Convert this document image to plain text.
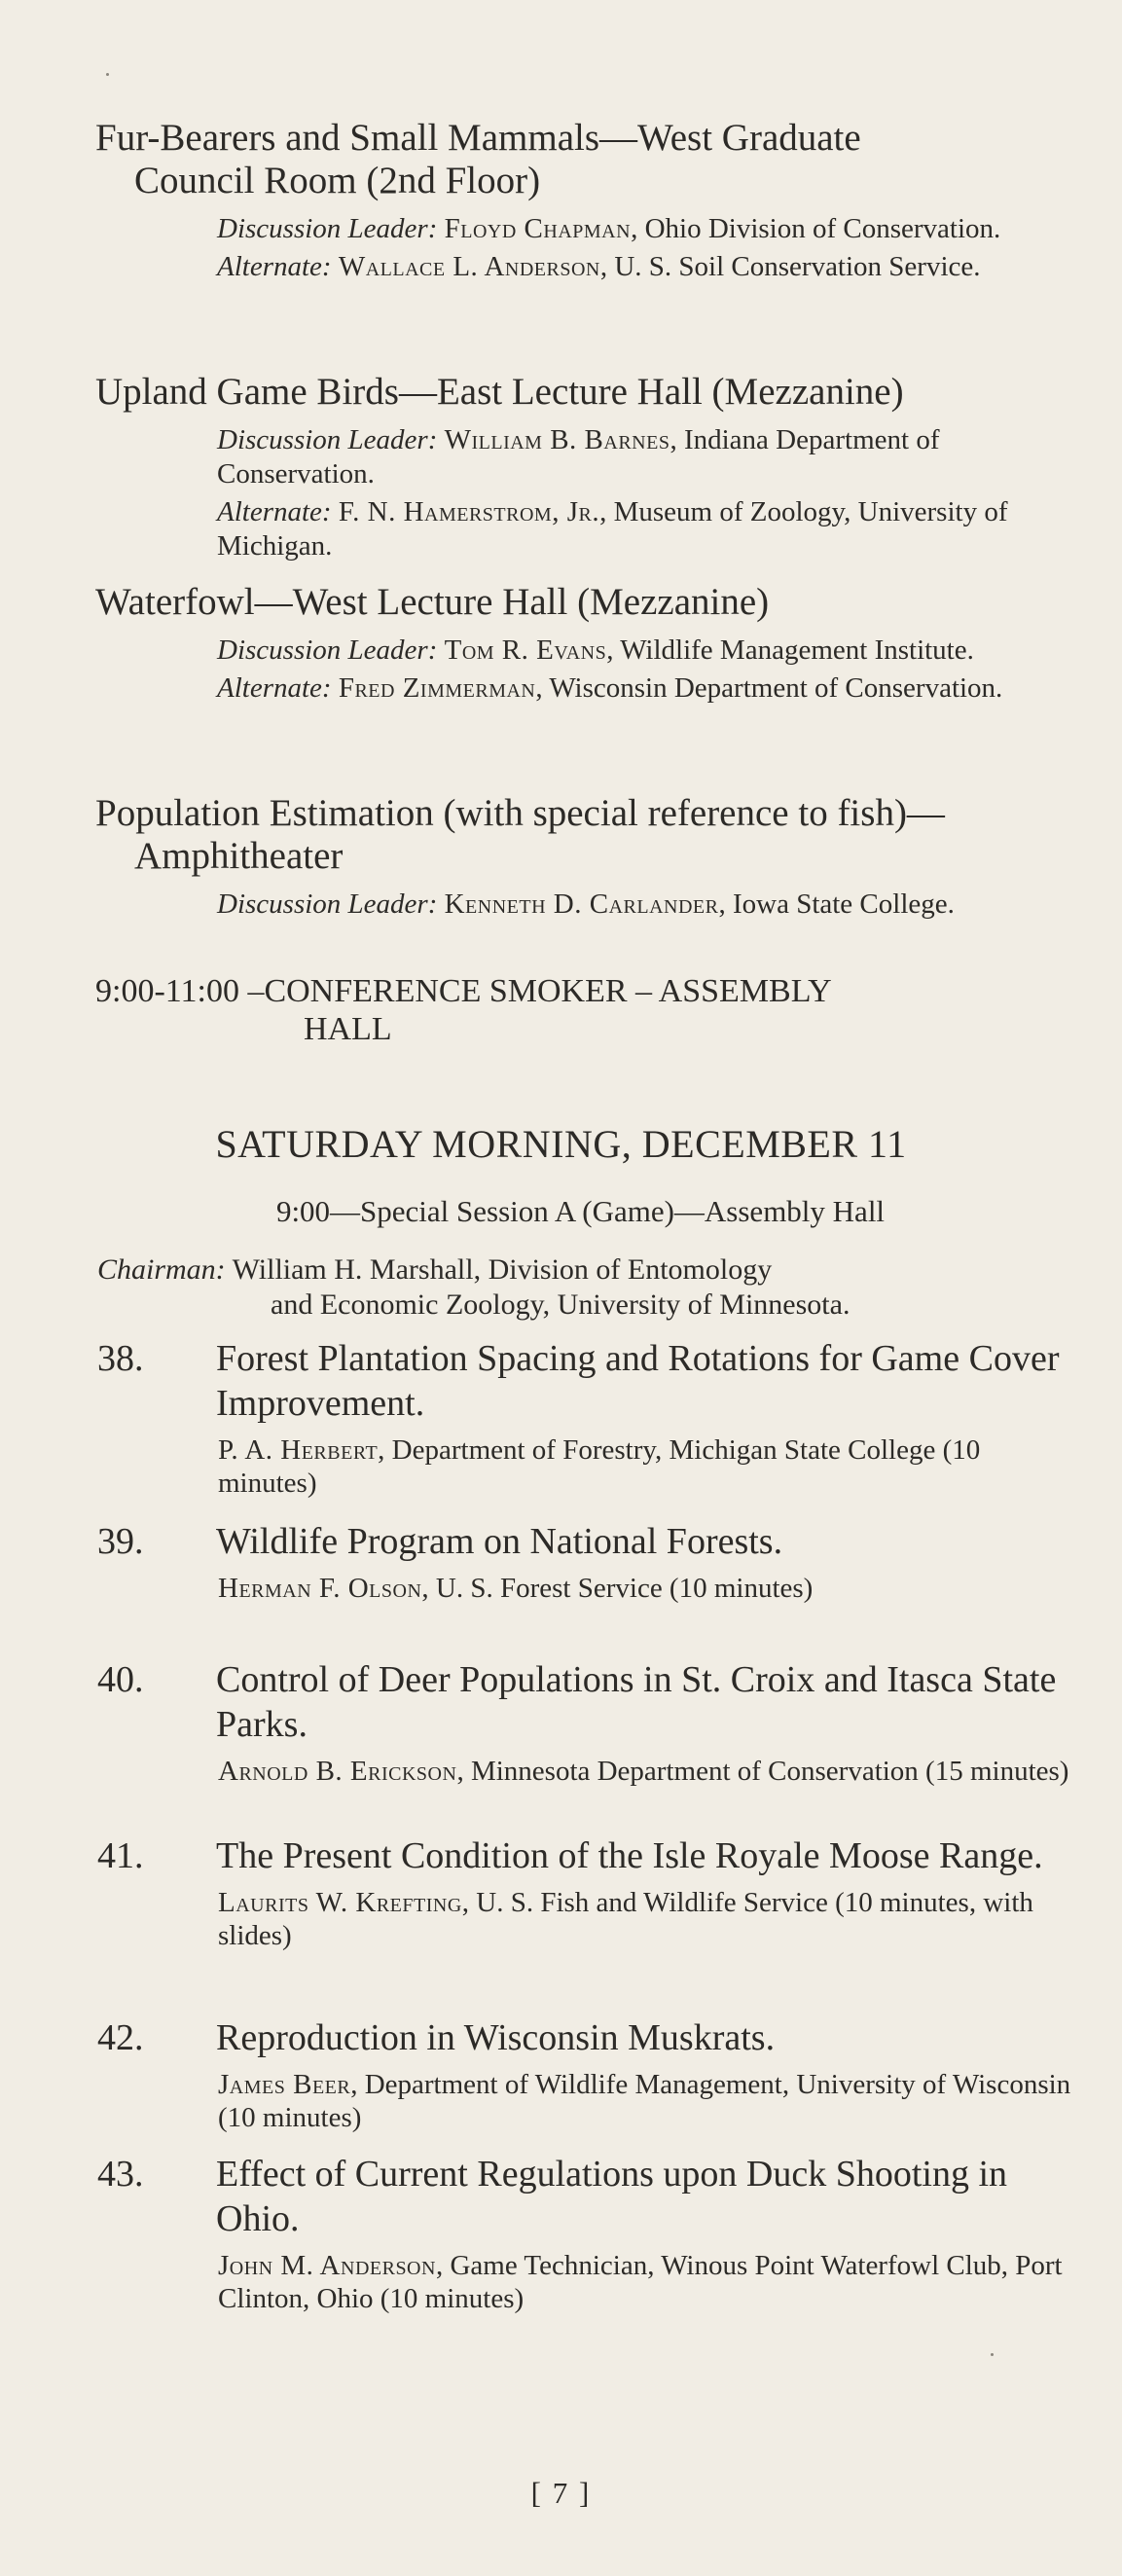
Fur-Bearers and Small Mammals—West Graduate Council Room (2nd Floor)

Discussion Leader: Floyd Chapman, Ohio Division of Conservation.

Alternate: Wallace L. Anderson, U. S. Soil Conservation Service.

Upland Game Birds—East Lecture Hall (Mezzanine)

Discussion Leader: William B. Barnes, Indiana Department of Conservation.

Alternate: F. N. Hamerstrom, Jr., Museum of Zoology, University of Michigan.

Waterfowl—West Lecture Hall (Mezzanine)

Discussion Leader: Tom R. Evans, Wildlife Management Institute.

Alternate: Fred Zimmerman, Wisconsin Department of Conservation.

Population Estimation (with special reference to fish)—Amphitheater

Discussion Leader: Kenneth D. Carlander, Iowa State College.

9:00-11:00 –CONFERENCE SMOKER – ASSEMBLY
HALL
SATURDAY MORNING, DECEMBER 11
9:00—Special Session A (Game)—Assembly Hall
Chairman: William H. Marshall, Division of Entomology
and Economic Zoology, University of Minnesota.
38. Forest Plantation Spacing and Rotations for Game Cover Improvement.

P. A. Herbert, Department of Forestry, Michigan State College (10 minutes)

39. Wildlife Program on National Forests.

Herman F. Olson, U. S. Forest Service (10 minutes)

40. Control of Deer Populations in St. Croix and Itasca State Parks.

Arnold B. Erickson, Minnesota Department of Conservation (15 minutes)

41. The Present Condition of the Isle Royale Moose Range.

Laurits W. Krefting, U. S. Fish and Wildlife Service (10 minutes, with slides)

42. Reproduction in Wisconsin Muskrats.

James Beer, Department of Wildlife Management, University of Wisconsin (10 minutes)

43. Effect of Current Regulations upon Duck Shooting in Ohio.

John M. Anderson, Game Technician, Winous Point Waterfowl Club, Port Clinton, Ohio (10 minutes)

[ 7 ]
